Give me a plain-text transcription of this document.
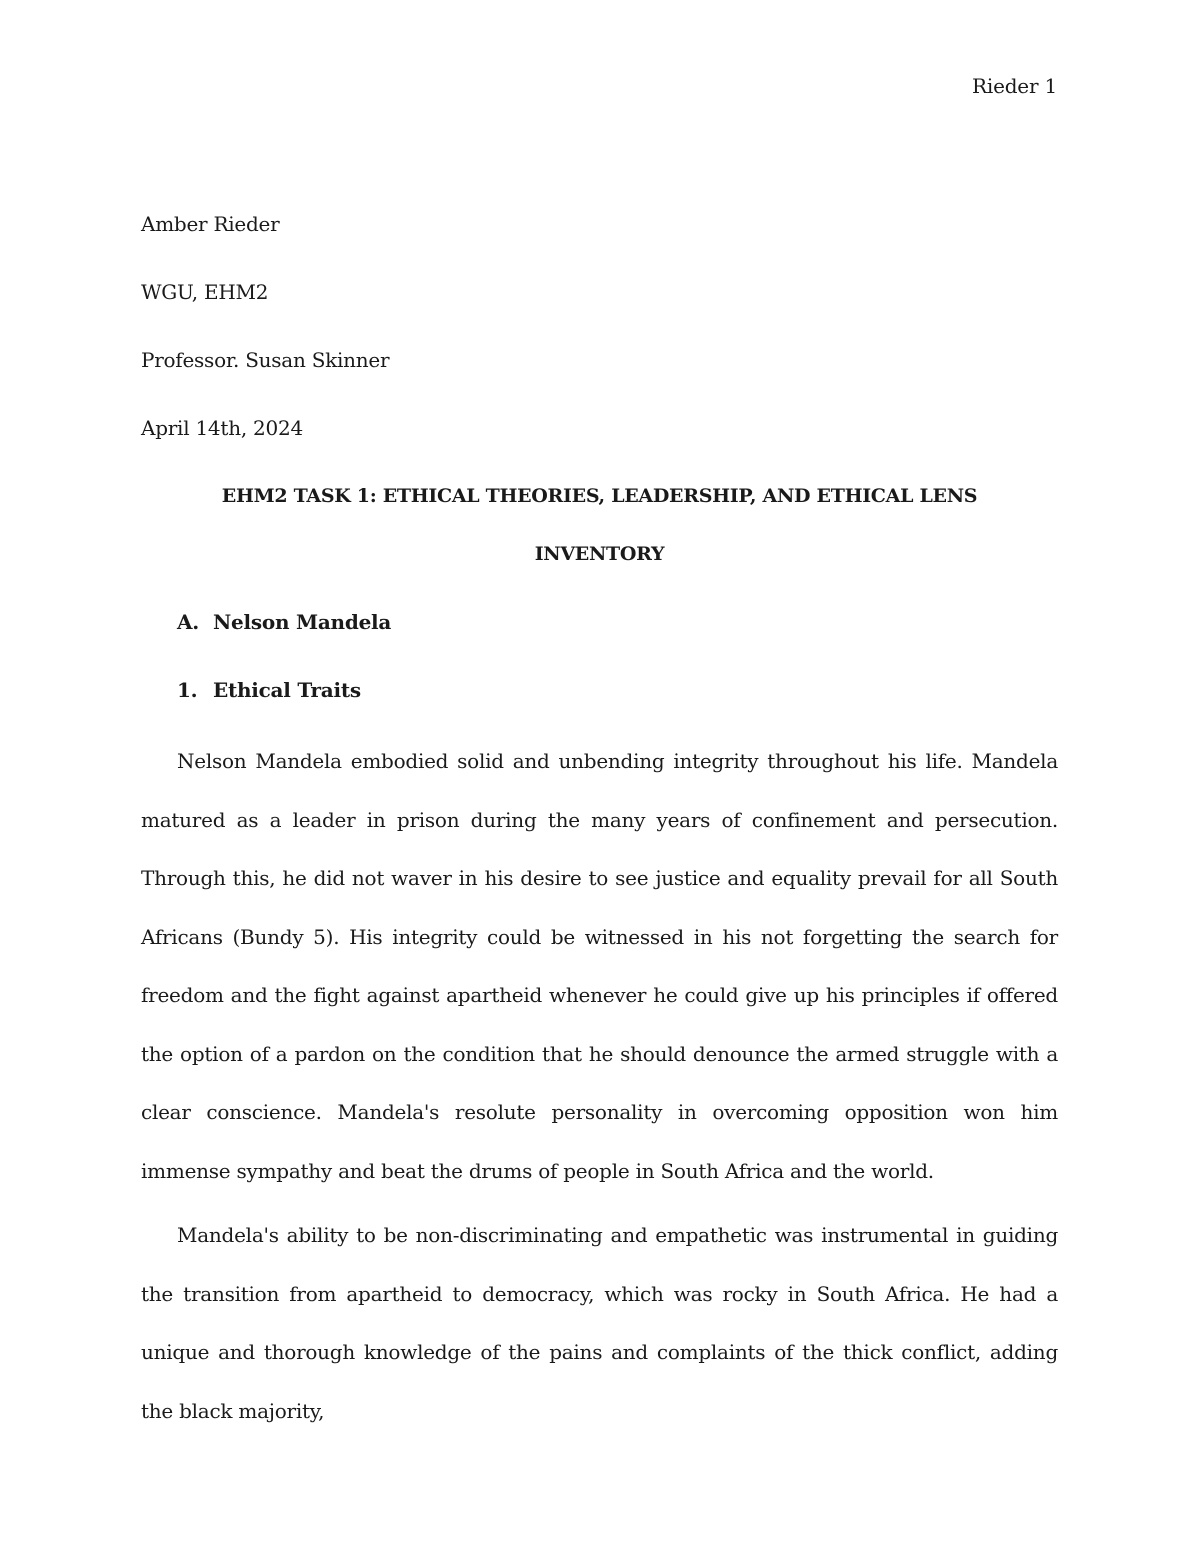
Rieder 1
Amber Rieder
WGU, EHM2
Professor. Susan Skinner
April 14th, 2024
EHM2 TASK 1: ETHICAL THEORIES, LEADERSHIP, AND ETHICAL LENS
INVENTORY
A. Nelson Mandela
1. Ethical Traits

Nelson Mandela embodied solid and unbending integrity throughout his life. Mandela matured as a leader in prison during the many years of confinement and persecution. Through this, he did not waver in his desire to see justice and equality prevail for all South Africans (Bundy 5). His integrity could be witnessed in his not forgetting the search for freedom and the fight against apartheid whenever he could give up his principles if offered the option of a pardon on the condition that he should denounce the armed struggle with a clear conscience. Mandela's resolute personality in overcoming opposition won him immense sympathy and beat the drums of people in South Africa and the world.

Mandela's ability to be non-discriminating and empathetic was instrumental in guiding the transition from apartheid to democracy, which was rocky in South Africa. He had a unique and thorough knowledge of the pains and complaints of the thick conflict, adding the black majority,
